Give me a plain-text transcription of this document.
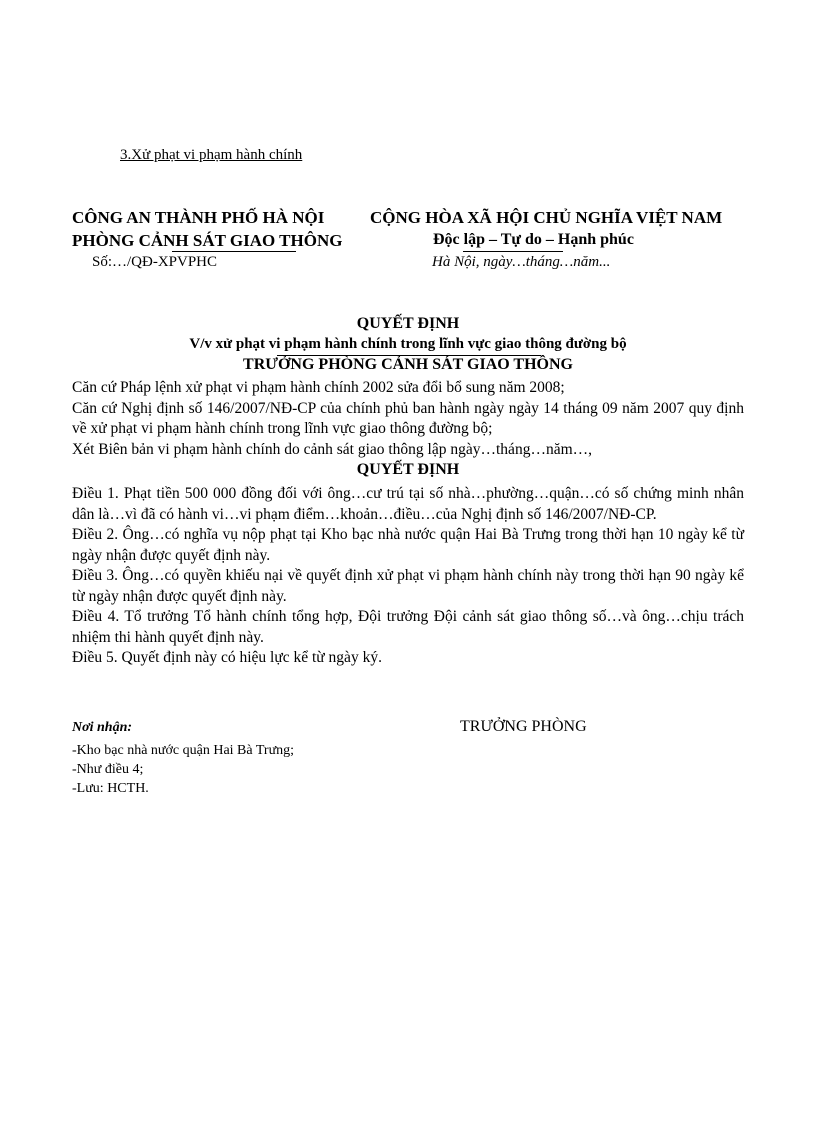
3.Xử phạt vi phạm hành chính
CÔNG AN THÀNH PHỐ HÀ NỘI
PHÒNG CẢNH SÁT GIAO THÔNG
Số:…/QĐ-XPVPHC
CỘNG HÒA XÃ HỘI CHỦ NGHĨA VIỆT NAM
Độc lập – Tự do – Hạnh phúc
Hà Nội, ngày…tháng…năm...
QUYẾT ĐỊNH
V/v xử phạt vi phạm hành chính trong lĩnh vực giao thông đường bộ
TRƯỞNG PHÒNG CẢNH SÁT GIAO THÔNG

Căn cứ Pháp lệnh xử phạt vi phạm hành chính 2002 sửa đổi bổ sung năm 2008;

Căn cứ Nghị định số 146/2007/NĐ-CP của chính phủ ban hành ngày ngày 14 tháng 09 năm 2007 quy định về xử phạt vi phạm hành chính trong lĩnh vực giao thông đường bộ;

Xét Biên bản vi phạm hành chính do cảnh sát giao thông lập ngày…tháng…năm…,

QUYẾT ĐỊNH

Điều 1. Phạt tiền 500 000 đồng đối với ông…cư trú tại số nhà…phường…quận…có số chứng minh nhân dân là…vì đã có hành vi…vi phạm điểm…khoản…điều…của Nghị định số 146/2007/NĐ-CP.

Điều 2. Ông…có nghĩa vụ nộp phạt tại Kho bạc nhà nước quận Hai Bà Trưng trong thời hạn 10 ngày kể từ ngày nhận được quyết định này.

Điều 3. Ông…có quyền khiếu nại về quyết định xử phạt vi phạm hành chính này trong thời hạn 90 ngày kể từ ngày nhận được quyết định này.

Điều 4. Tổ trưởng Tổ hành chính tổng hợp, Đội trưởng Đội cảnh sát giao thông số…và ông…chịu trách nhiệm thi hành quyết định này.

Điều 5. Quyết định này có hiệu lực kể từ ngày ký.

Nơi nhận:	TRƯỞNG PHÒNG
-Kho bạc nhà nước quận Hai Bà Trưng;
-Như điều 4;
-Lưu: HCTH.
